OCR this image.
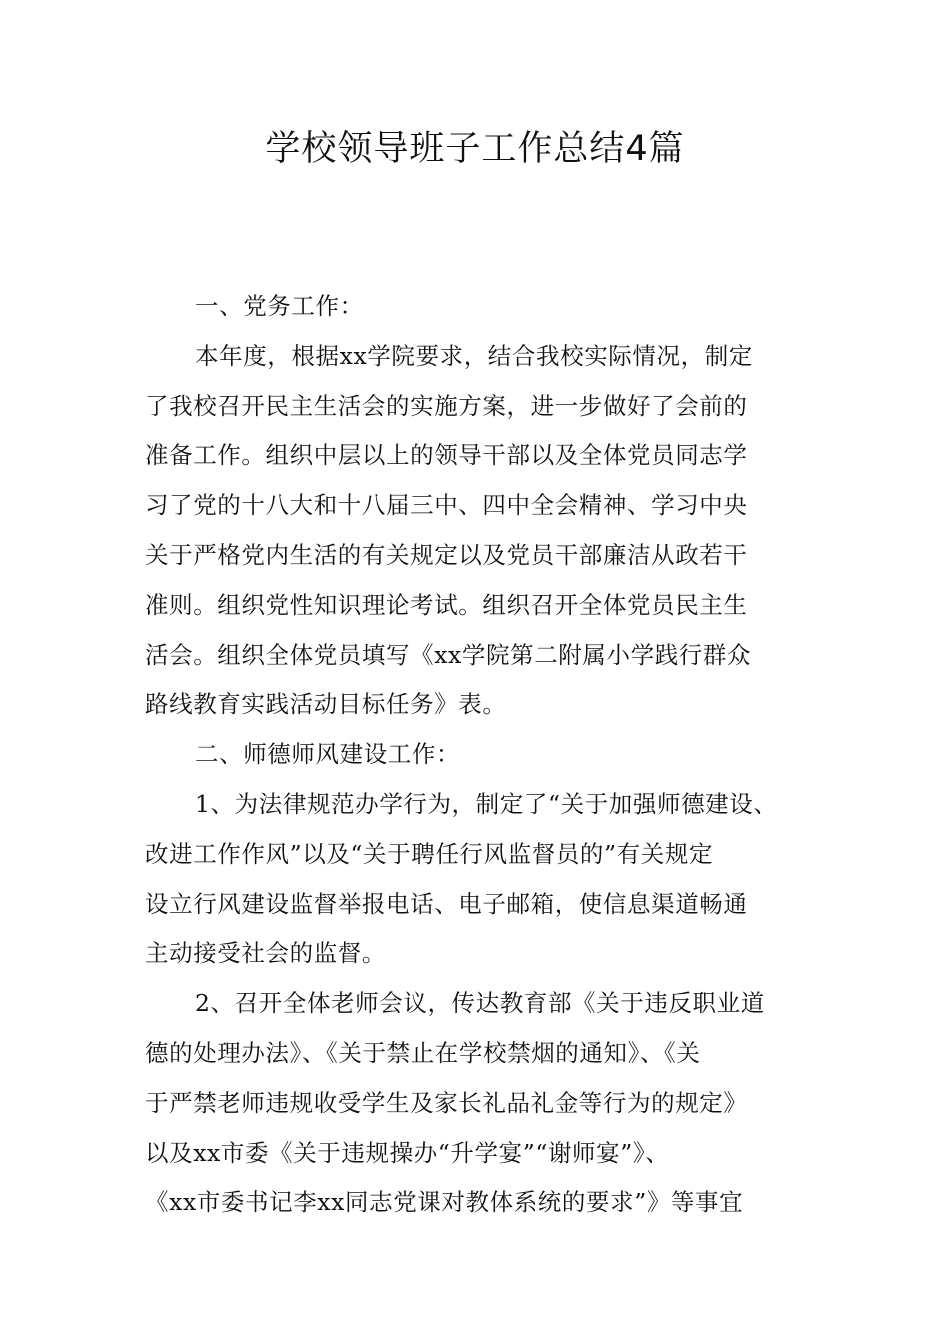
学校领导班子工作总结4篇
一、党务工作：
本年度，根据xx学院要求，结合我校实际情况，制定
了我校召开民主生活会的实施方案，进一步做好了会前的
准备工作。组织中层以上的领导干部以及全体党员同志学
习了党的十八大和十八届三中、四中全会精神、学习中央
关于严格党内生活的有关规定以及党员干部廉洁从政若干
准则。组织党性知识理论考试。组织召开全体党员民主生
活会。组织全体党员填写《xx学院第二附属小学践行群众
路线教育实践活动目标任务》表。
二、师德师风建设工作：
1、为法律规范办学行为，制定了“关于加强师德建设、
改进工作作风”以及“关于聘任行风监督员的”有关规定
设立行风建设监督举报电话、电子邮箱，使信息渠道畅通
主动接受社会的监督。
2、召开全体老师会议，传达教育部《关于违反职业道
德的处理办法》、《关于禁止在学校禁烟的通知》、《关
于严禁老师违规收受学生及家长礼品礼金等行为的规定》
以及xx市委《关于违规操办“升学宴”“谢师宴”》、
《xx市委书记李xx同志党课对教体系统的要求”》等事宜
